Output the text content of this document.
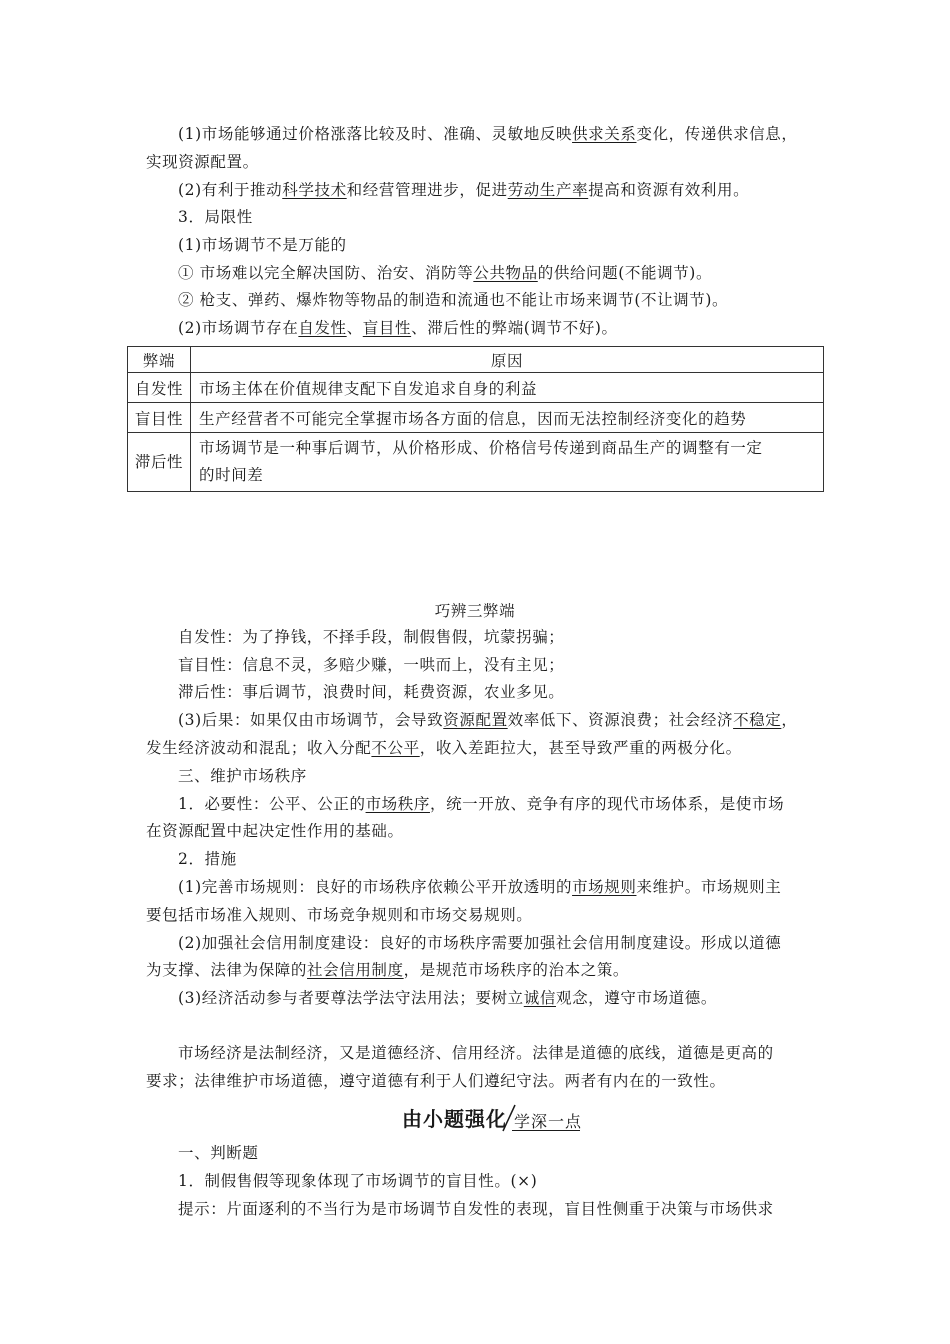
(1)市场能够通过价格涨落比较及时、准确、灵敏地反映供求关系变化，传递供求信息，
实现资源配置。
(2)有利于推动科学技术和经营管理进步，促进劳动生产率提高和资源有效利用。
3．局限性
(1)市场调节不是万能的
① 市场难以完全解决国防、治安、消防等公共物品的供给问题(不能调节)。
② 枪支、弹药、爆炸物等物品的制造和流通也不能让市场来调节(不让调节)。
(2)市场调节存在自发性、盲目性、滞后性的弊端(调节不好)。
弊端	原因
自发性	市场主体在价值规律支配下自发追求自身的利益
盲目性	生产经营者不可能完全掌握市场各方面的信息，因而无法控制经济变化的趋势
滞后性	市场调节是一种事后调节，从价格形成、价格信号传递到商品生产的调整有一定
的时间差
巧辨三弊端
自发性：为了挣钱，不择手段，制假售假，坑蒙拐骗；
盲目性：信息不灵，多赔少赚，一哄而上，没有主见；
滞后性：事后调节，浪费时间，耗费资源，农业多见。
(3)后果：如果仅由市场调节，会导致资源配置效率低下、资源浪费；社会经济不稳定，
发生经济波动和混乱；收入分配不公平，收入差距拉大，甚至导致严重的两极分化。
三、维护市场秩序
1．必要性：公平、公正的市场秩序，统一开放、竞争有序的现代市场体系，是使市场
在资源配置中起决定性作用的基础。
2．措施
(1)完善市场规则：良好的市场秩序依赖公平开放透明的市场规则来维护。市场规则主
要包括市场准入规则、市场竞争规则和市场交易规则。
(2)加强社会信用制度建设：良好的市场秩序需要加强社会信用制度建设。形成以道德
为支撑、法律为保障的社会信用制度，是规范市场秩序的治本之策。
(3)经济活动参与者要尊法学法守法用法；要树立诚信观念，遵守市场道德。
市场经济是法制经济，又是道德经济、信用经济。法律是道德的底线，道德是更高的
要求；法律维护市场道德，遵守道德有利于人们遵纪守法。两者有内在的一致性。
由小题强化 学深一点
一、判断题
1．制假售假等现象体现了市场调节的盲目性。(×)
提示：片面逐利的不当行为是市场调节自发性的表现，盲目性侧重于决策与市场供求
